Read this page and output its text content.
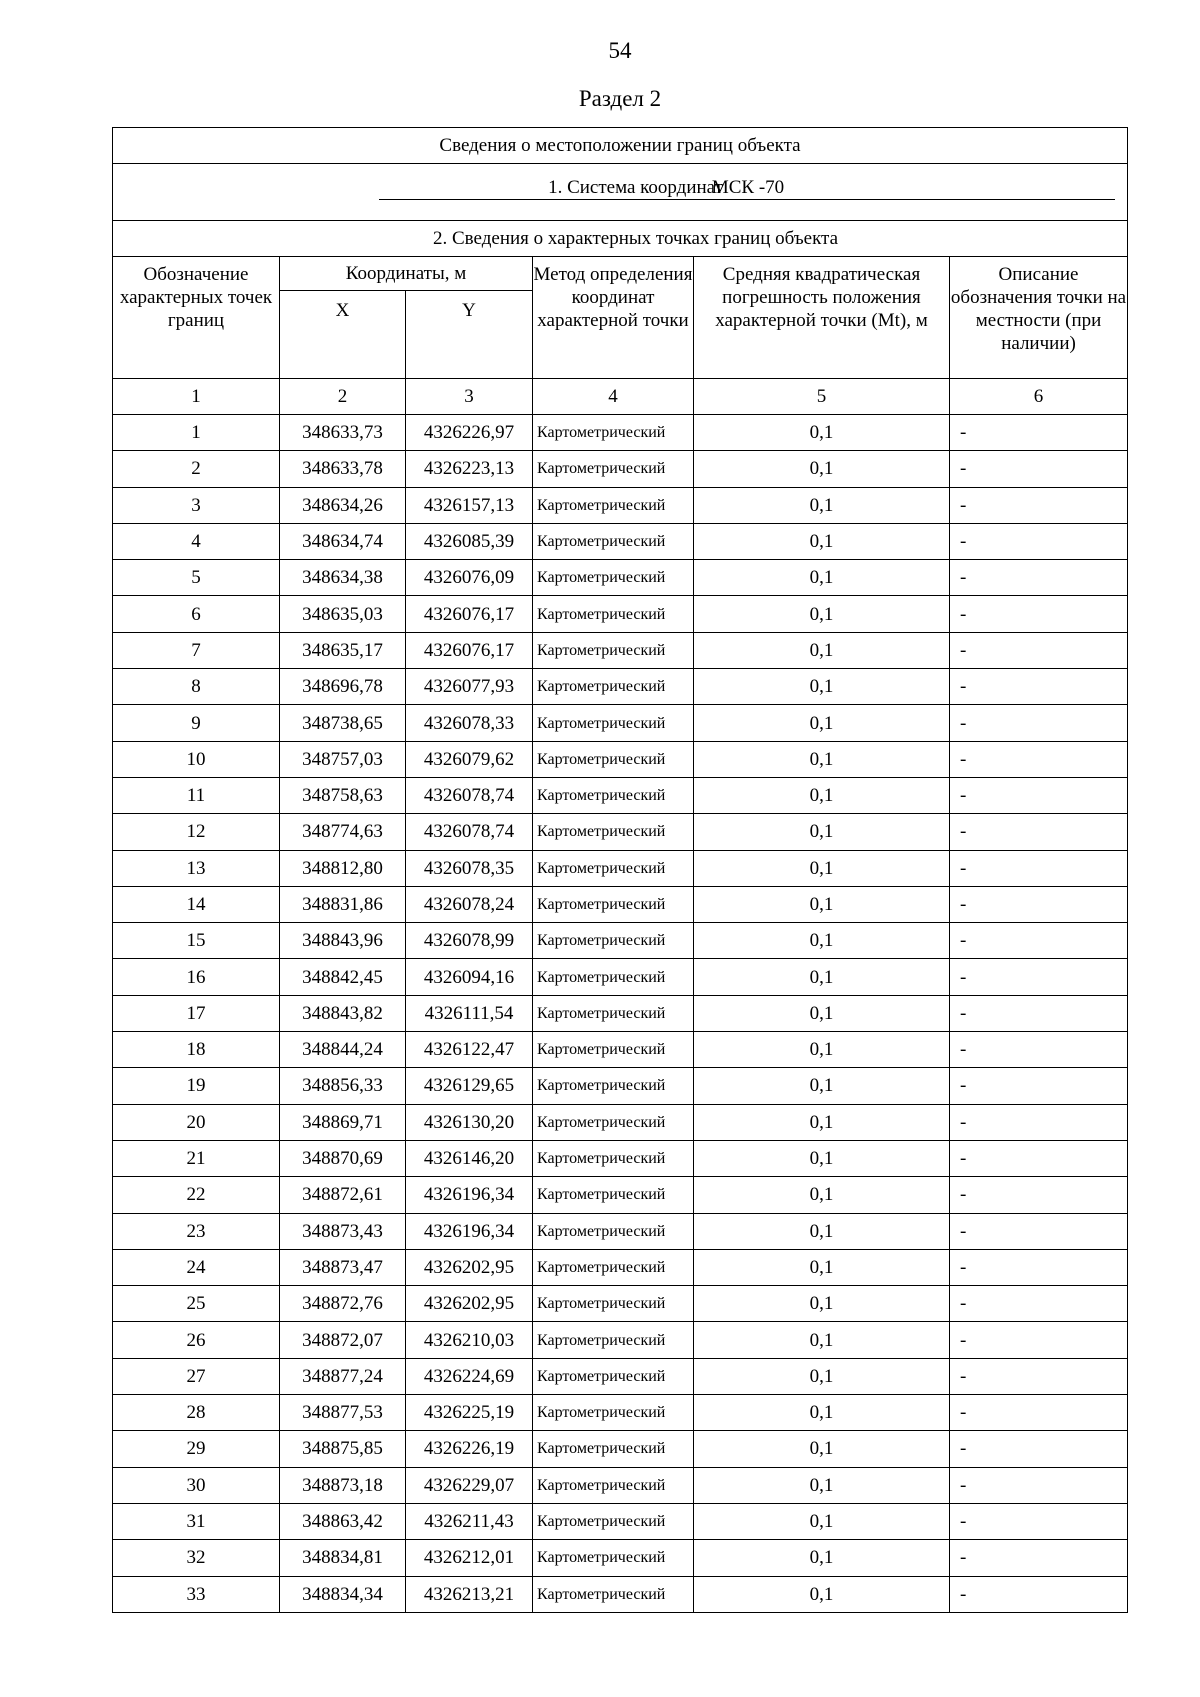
54
Раздел 2
Сведения о местоположении границ объекта					

1. Система координат
МСК -70					

2. Сведения о характерных точках границ объекта					

Обозначение характерных точек границ	Координаты, м		Метод определения координат характерной точки	Средняя квадратическая погрешность положения характерной точки (Mt), м	Описание обозначения точки на местности (при наличии)
	X	Y			
1	2	3	4	5	6
1	348633,73	4326226,97	Картометрический	0,1	-
2	348633,78	4326223,13	Картометрический	0,1	-
3	348634,26	4326157,13	Картометрический	0,1	-
4	348634,74	4326085,39	Картометрический	0,1	-
5	348634,38	4326076,09	Картометрический	0,1	-
6	348635,03	4326076,17	Картометрический	0,1	-
7	348635,17	4326076,17	Картометрический	0,1	-
8	348696,78	4326077,93	Картометрический	0,1	-
9	348738,65	4326078,33	Картометрический	0,1	-
10	348757,03	4326079,62	Картометрический	0,1	-
11	348758,63	4326078,74	Картометрический	0,1	-
12	348774,63	4326078,74	Картометрический	0,1	-
13	348812,80	4326078,35	Картометрический	0,1	-
14	348831,86	4326078,24	Картометрический	0,1	-
15	348843,96	4326078,99	Картометрический	0,1	-
16	348842,45	4326094,16	Картометрический	0,1	-
17	348843,82	4326111,54	Картометрический	0,1	-
18	348844,24	4326122,47	Картометрический	0,1	-
19	348856,33	4326129,65	Картометрический	0,1	-
20	348869,71	4326130,20	Картометрический	0,1	-
21	348870,69	4326146,20	Картометрический	0,1	-
22	348872,61	4326196,34	Картометрический	0,1	-
23	348873,43	4326196,34	Картометрический	0,1	-
24	348873,47	4326202,95	Картометрический	0,1	-
25	348872,76	4326202,95	Картометрический	0,1	-
26	348872,07	4326210,03	Картометрический	0,1	-
27	348877,24	4326224,69	Картометрический	0,1	-
28	348877,53	4326225,19	Картометрический	0,1	-
29	348875,85	4326226,19	Картометрический	0,1	-
30	348873,18	4326229,07	Картометрический	0,1	-
31	348863,42	4326211,43	Картометрический	0,1	-
32	348834,81	4326212,01	Картометрический	0,1	-
33	348834,34	4326213,21	Картометрический	0,1	-
